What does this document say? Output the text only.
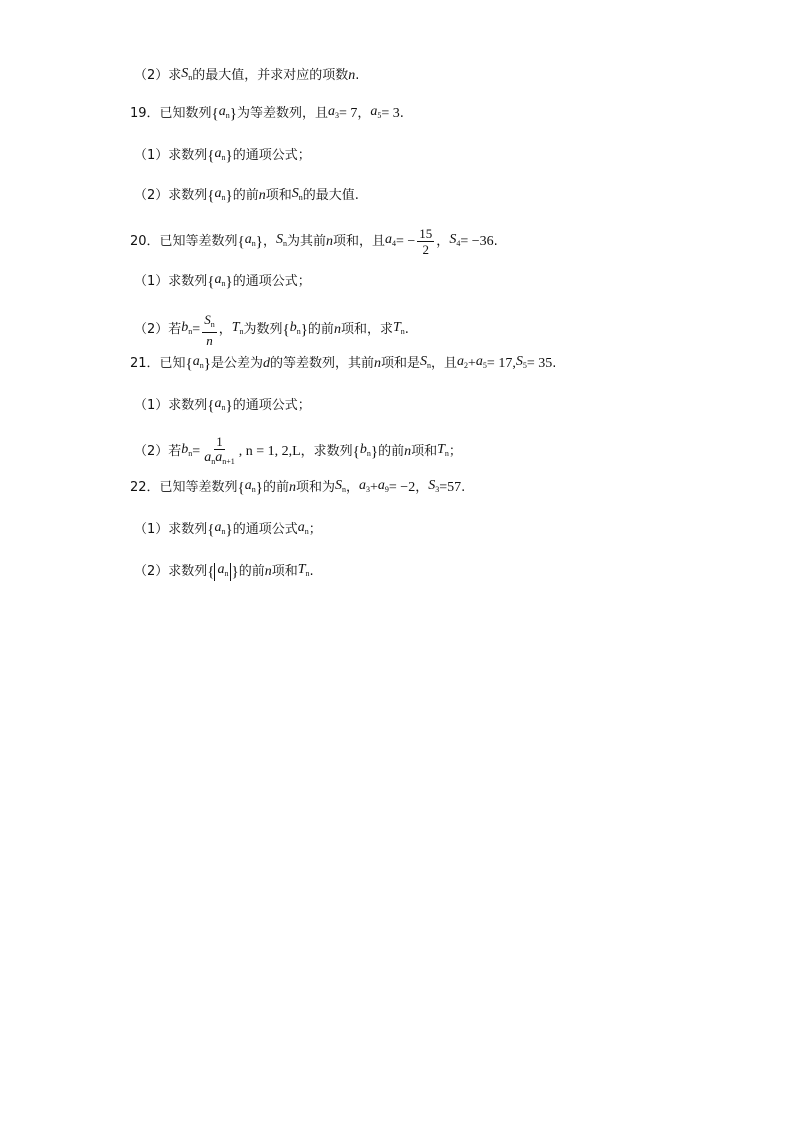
（2）求 $S_n$ 的最大值，并求对应的项数 n .
19．已知数列 { $a_n$ } 为等差数列，且 $a_3 = 7$ ， $a_5 = 3$ .
（1）求数列 { $a_n$ } 的通项公式；
（2）求数列 { $a_n$ } 的前 n 项和 $S_n$ 的最大值.
20．已知等差数列 { $a_n$ } ， $S_n$ 为其前 n 项和，且 $a_4$ = − $\frac{15}{2}$ ， $S_4 = -36$ .
（1）求数列 { $a_n$ } 的通项公式；
（2）若 $b_n = \frac{S_n}{n}$ ， $T_n$ 为数列 { $b_n$ } 的前 n 项和，求 $T_n$ .
21．已知 { $a_n$ } 是公差为 d 的等差数列，其前 n 项和是 $S_n$ ，且 $a_2 + a_5 = 17$, $S_5 = 35$ .
（1）求数列 { $a_n$ } 的通项公式；
（2）若 $b_n = \frac{1}{a_na_{n+1}}$ , n = 1, 2,L ，求数列 { $b_n$ } 的前 n 项和 $T_n$ ；
22．已知等差数列 { $a_n$ } 的前 n 项和为 $S_n$ ， $a_3 + a_9 = -2$ ， $S_3 =57$ .
（1）求数列 { $a_n$ } 的通项公式 $a_n$ ；
（2）求数列 { $a_n$ } 的前 n 项和 $T_n$ .
